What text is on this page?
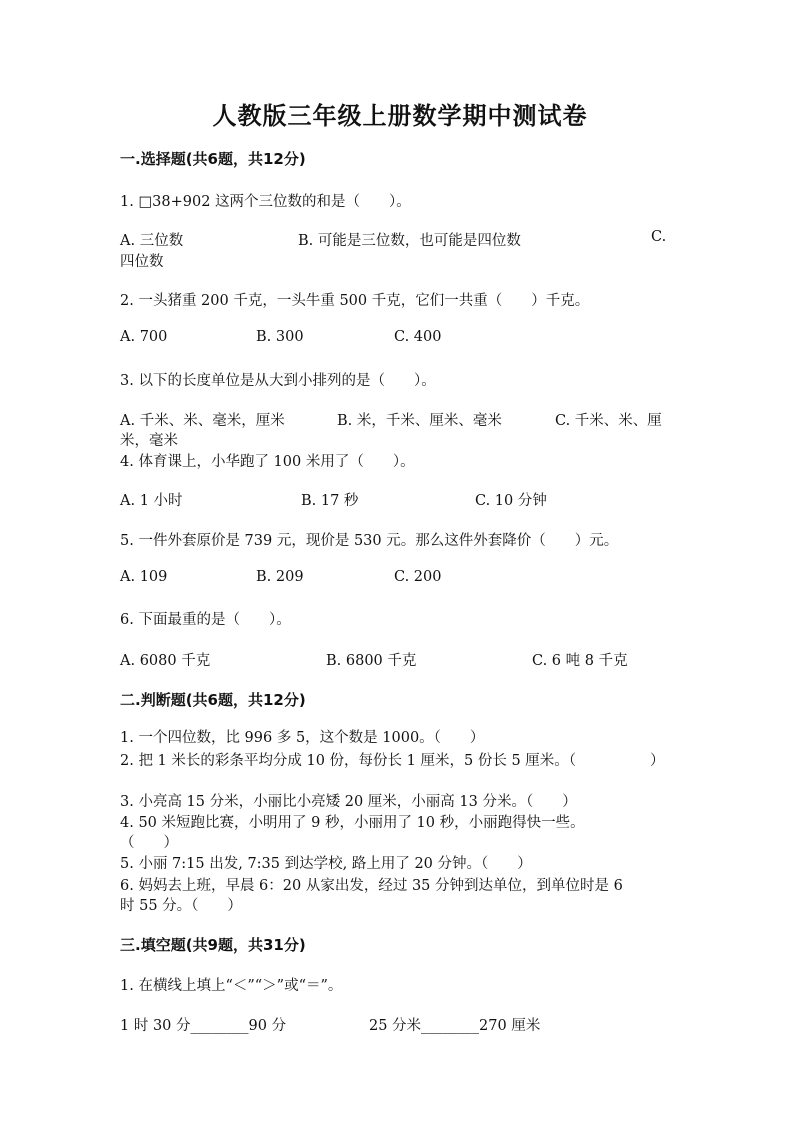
人教版三年级上册数学期中测试卷
一.选择题(共6题，共12分)
1. □38+902 这两个三位数的和是（　　）。
A. 三位数	B. 可能是三位数，也可能是四位数	C.
四位数
2. 一头猪重 200 千克，一头牛重 500 千克，它们一共重（　　）千克。
A. 700	B. 300	C. 400
3. 以下的长度单位是从大到小排列的是（　　）。
A. 千米、米、毫米，厘米	B. 米，千米、厘米、毫米	C. 千米、米、厘
米，毫米
4. 体育课上，小华跑了 100 米用了（　　）。
A. 1 小时	B. 17 秒	C. 10 分钟
5. 一件外套原价是 739 元，现价是 530 元。那么这件外套降价（　　）元。
A. 109	B. 209	C. 200
6. 下面最重的是（　　）。
A. 6080 千克	B. 6800 千克	C. 6 吨 8 千克
二.判断题(共6题，共12分)
1. 一个四位数，比 996 多 5，这个数是 1000。（　　）
2. 把 1 米长的彩条平均分成 10 份，每份长 1 厘米，5 份长 5 厘米。（	）
3. 小亮高 15 分米，小丽比小亮矮 20 厘米，小丽高 13 分米。（　　）
4. 50 米短跑比赛，小明用了 9 秒，小丽用了 10 秒，小丽跑得快一些。
（　　）
5. 小丽 7:15 出发, 7:35 到达学校, 路上用了 20 分钟。（　　）
6. 妈妈去上班，早晨 6：20 从家出发，经过 35 分钟到达单位，到单位时是 6
时 55 分。（　　）
三.填空题(共9题，共31分)
1. 在横线上填上“＜”“＞”或“＝”。
1 时 30 分________90 分	25 分米________270 厘米
